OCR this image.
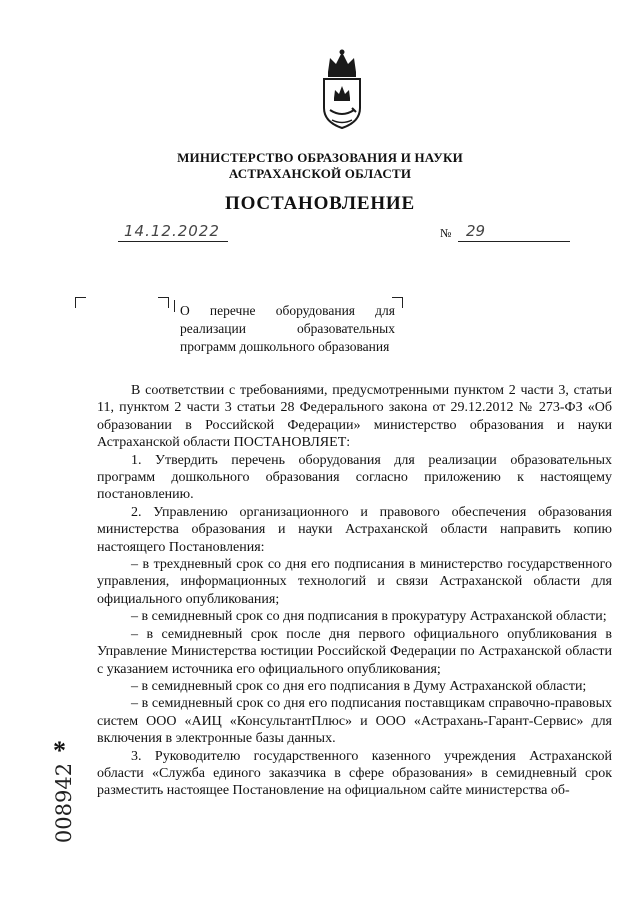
МИНИСТЕРСТВО ОБРАЗОВАНИЯ И НАУКИ
АСТРАХАНСКОЙ ОБЛАСТИ
ПОСТАНОВЛЕНИЕ
14.12.2022	№ 29
О перечне оборудования для реализации образовательных программ дошкольного образования

В соответствии с требованиями, предусмотренными пунктом 2 части 3, статьи 11, пунктом 2 части 3 статьи 28 Федерального закона от 29.12.2012 № 273-ФЗ «Об образовании в Российской Федерации» министерство образования и науки Астраханской области ПОСТАНОВЛЯЕТ:

1. Утвердить перечень оборудования для реализации образовательных программ дошкольного образования согласно приложению к настоящему постановлению.

2. Управлению организационного и правового обеспечения образования министерства образования и науки Астраханской области направить копию настоящего Постановления:

– в трехдневный срок со дня его подписания в министерство государственного управления, информационных технологий и связи Астраханской области для официального опубликования;

– в семидневный срок со дня подписания в прокуратуру Астраханской области;

– в семидневный срок после дня первого официального опубликования в Управление Министерства юстиции Российской Федерации по Астраханской области с указанием источника его официального опубликования;

– в семидневный срок со дня его подписания в Думу Астраханской области;

– в семидневный срок со дня его подписания поставщикам справочно-правовых систем ООО «АИЦ «КонсультантПлюс» и ООО «Астрахань-Гарант-Сервис» для включения в электронные базы данных.

3. Руководителю государственного казенного учреждения Астраханской области «Служба единого заказчика в сфере образования» в семидневный срок разместить настоящее Постановление на официальном сайте министерства об-

*
008942
